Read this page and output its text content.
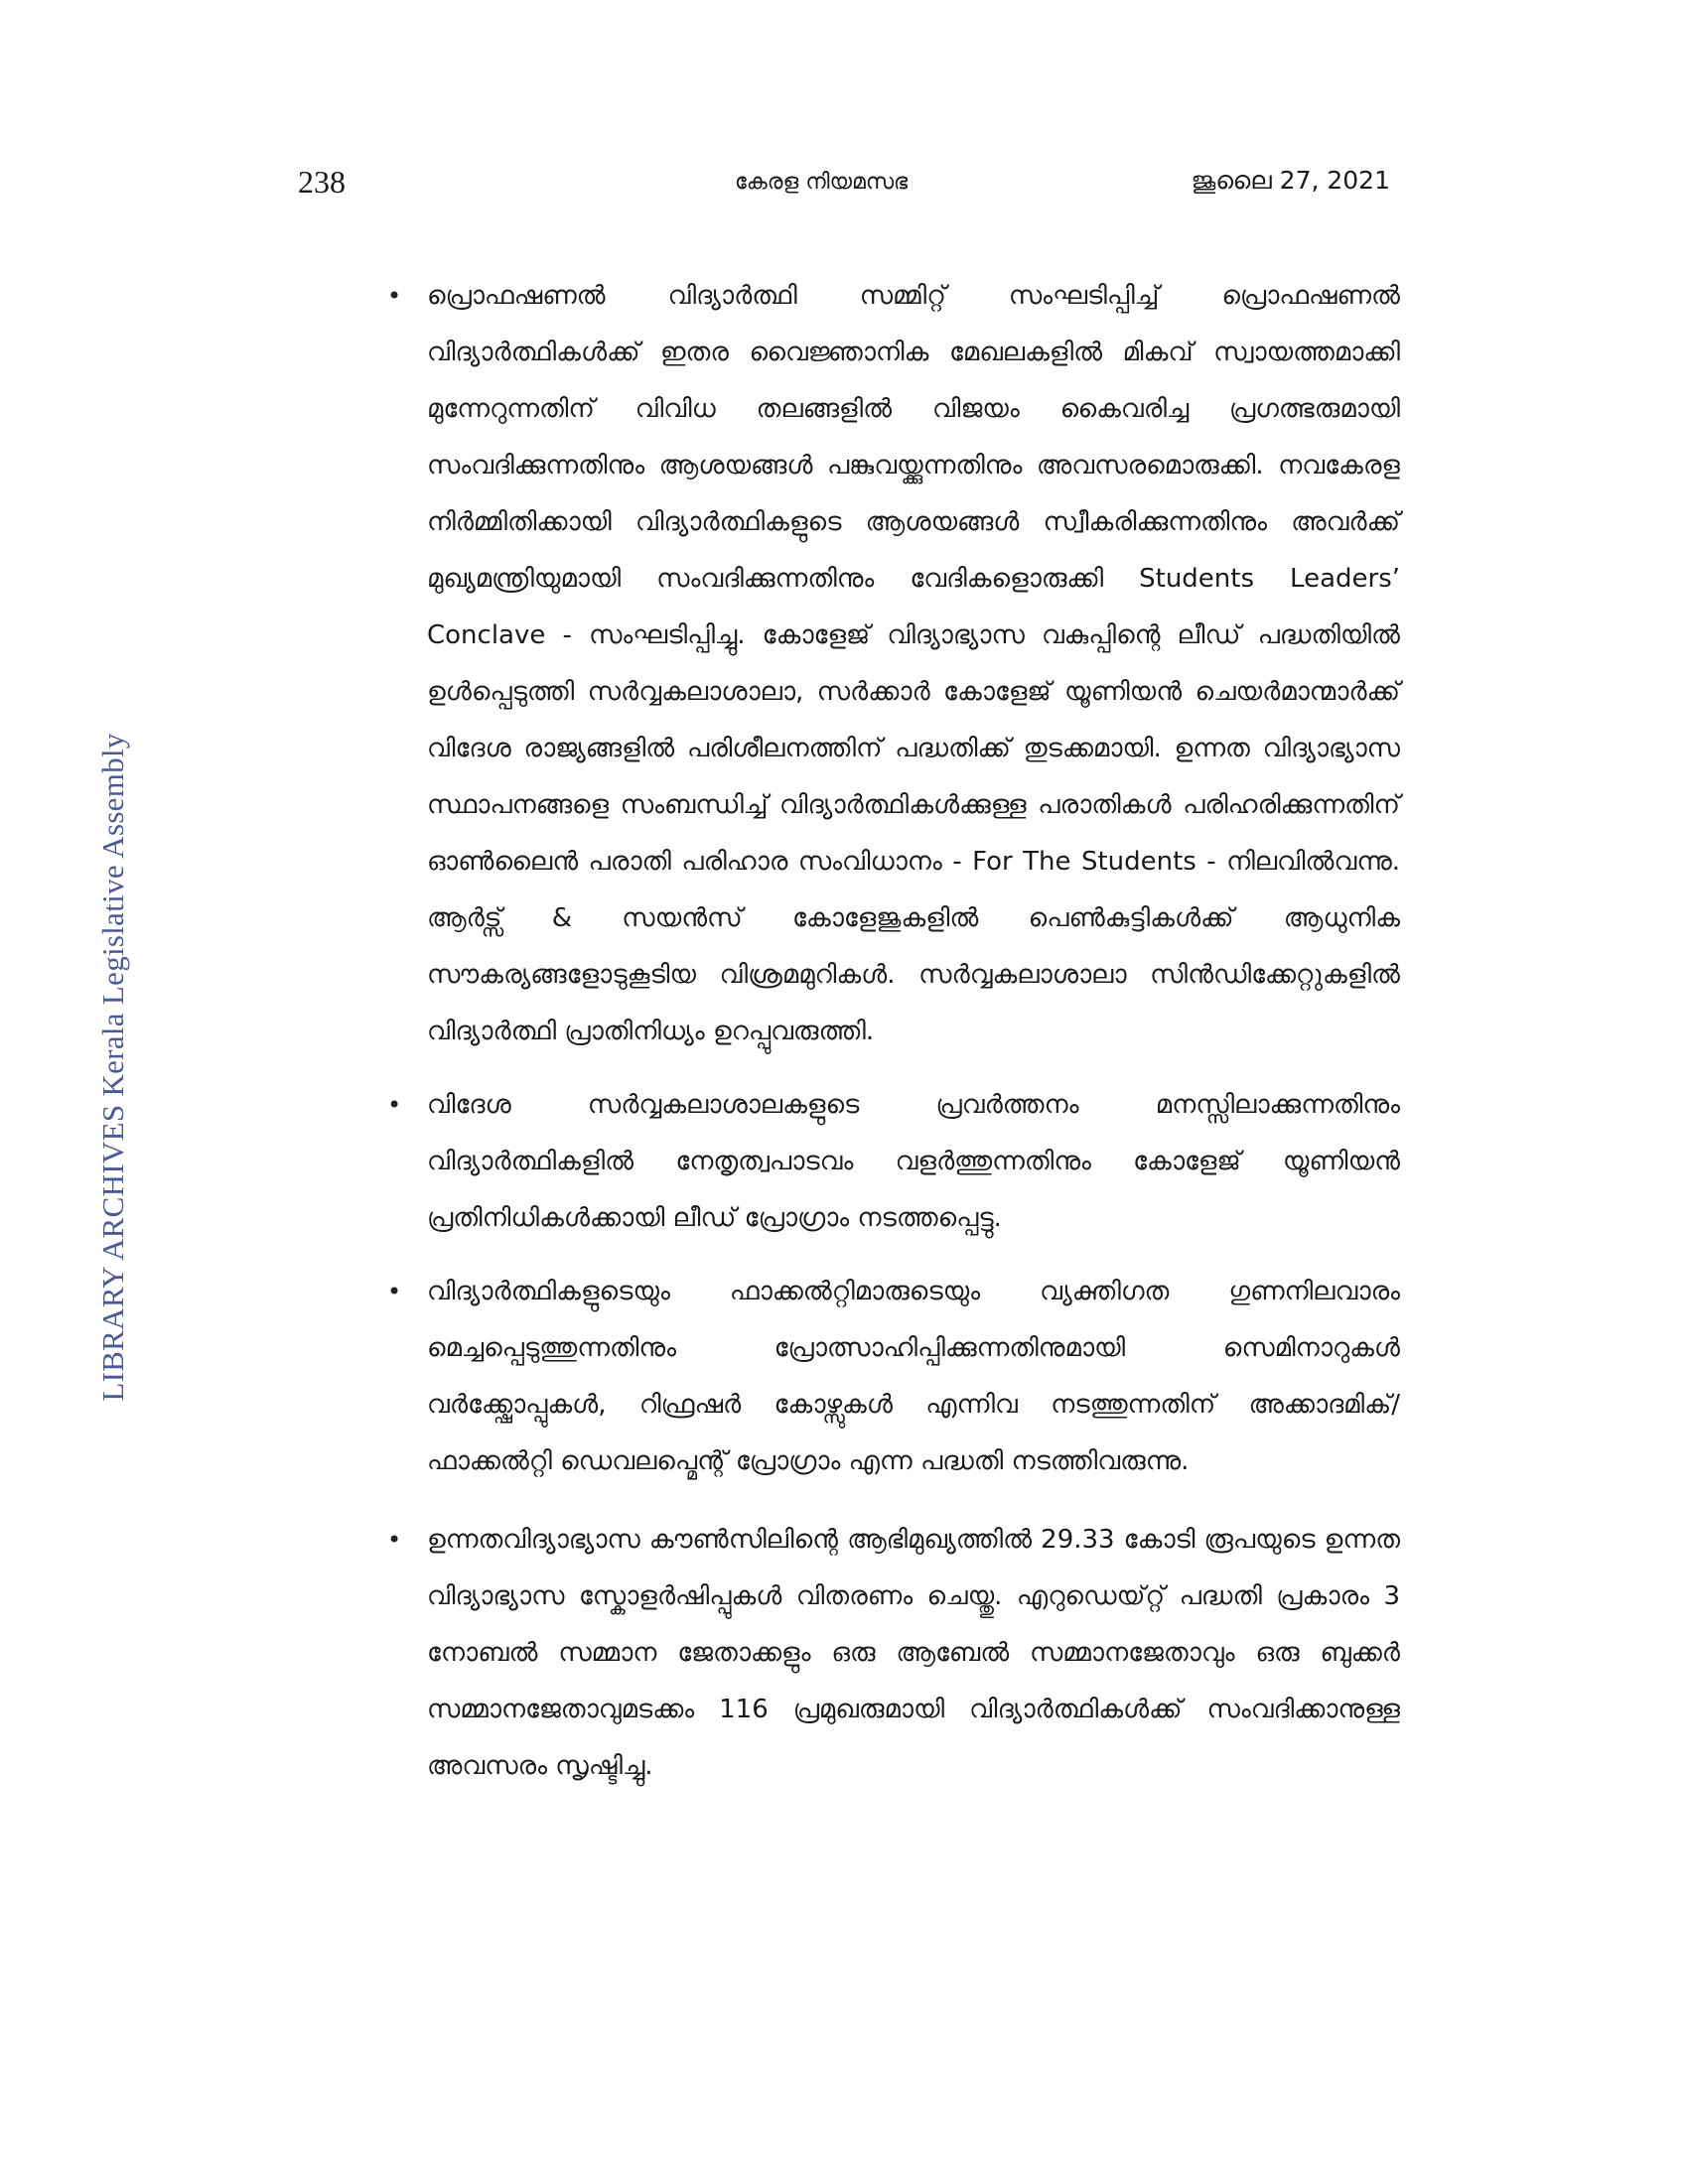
238	കേരള നിയമസഭ	ജൂലൈ 27, 2021
LIBRARY ARCHIVES Kerala Legislative Assembly
• പ്രൊഫഷണൽ വിദ്യാർത്ഥി സമ്മിറ്റ് സംഘടിപ്പിച്ച് പ്രൊഫഷണൽ വിദ്യാർത്ഥികൾക്ക് ഇതര വൈജ്ഞാനിക മേഖലകളിൽ മികവ് സ്വായത്തമാക്കി മുന്നേറുന്നതിന് വിവിധ തലങ്ങളിൽ വിജയം കൈവരിച്ച പ്രഗത്ഭരുമായി സംവദിക്കുന്നതിനും ആശയങ്ങൾ പങ്കുവയ്ക്കുന്നതിനും അവസരമൊരുക്കി. നവകേരള നിർമ്മിതിക്കായി വിദ്യാർത്ഥികളുടെ ആശയങ്ങൾ സ്വീകരിക്കുന്നതിനും അവർക്ക് മുഖ്യമന്ത്രിയുമായി സംവദിക്കുന്നതിനും വേദികളൊരുക്കി Students Leaders’ Conclave - സംഘടിപ്പിച്ചു. കോളേജ് വിദ്യാഭ്യാസ വകുപ്പിന്റെ ലീഡ് പദ്ധതിയിൽ ഉൾപ്പെടുത്തി സർവ്വകലാശാലാ, സർക്കാർ കോളേജ് യൂണിയൻ ചെയർമാന്മാർക്ക് വിദേശ രാജ്യങ്ങളിൽ പരിശീലനത്തിന് പദ്ധതിക്ക് തുടക്കമായി. ഉന്നത വിദ്യാഭ്യാസ സ്ഥാപനങ്ങളെ സംബന്ധിച്ച് വിദ്യാർത്ഥികൾക്കുള്ള പരാതികൾ പരിഹരിക്കുന്നതിന് ഓൺലൈൻ പരാതി പരിഹാര സംവിധാനം - For The Students - നിലവിൽവന്നു. ആർട്സ് & സയൻസ് കോളേജുകളിൽ പെൺകുട്ടികൾക്ക് ആധുനിക സൗകര്യങ്ങളോടുകൂടിയ വിശ്രമമുറികൾ. സർവ്വകലാശാലാ സിൻഡിക്കേറ്റുകളിൽ വിദ്യാർത്ഥി പ്രാതിനിധ്യം ഉറപ്പുവരുത്തി.
• വിദേശ സർവ്വകലാശാലകളുടെ പ്രവർത്തനം മനസ്സിലാക്കുന്നതിനും വിദ്യാർത്ഥികളിൽ നേതൃത്വപാടവം വളർത്തുന്നതിനും കോളേജ് യൂണിയൻ പ്രതിനിധികൾക്കായി ലീഡ് പ്രോഗ്രാം നടത്തപ്പെട്ടു.
• വിദ്യാർത്ഥികളുടെയും ഫാക്കൽറ്റിമാരുടെയും വ്യക്തിഗത ഗുണനിലവാരം മെച്ചപ്പെടുത്തുന്നതിനും പ്രോത്സാഹിപ്പിക്കുന്നതിനുമായി സെമിനാറുകൾ വർക്ക്ഷോപ്പുകൾ, റിഫ്രഷർ കോഴ്സുകൾ എന്നിവ നടത്തുന്നതിന് അക്കാദമിക്/ഫാക്കൽറ്റി ഡെവലപ്മെന്റ് പ്രോഗ്രാം എന്ന പദ്ധതി നടത്തിവരുന്നു.
• ഉന്നതവിദ്യാഭ്യാസ കൗൺസിലിന്റെ ആഭിമുഖ്യത്തിൽ 29.33 കോടി രൂപയുടെ ഉന്നത വിദ്യാഭ്യാസ സ്കോളർഷിപ്പുകൾ വിതരണം ചെയ്തു. എറുഡെയ്റ്റ് പദ്ധതി പ്രകാരം 3 നോബൽ സമ്മാന ജേതാക്കളും ഒരു ആബേൽ സമ്മാനജേതാവും ഒരു ബുക്കർ സമ്മാനജേതാവുമടക്കം 116 പ്രമുഖരുമായി വിദ്യാർത്ഥികൾക്ക് സംവദിക്കാനുള്ള അവസരം സൃഷ്ടിച്ചു.
